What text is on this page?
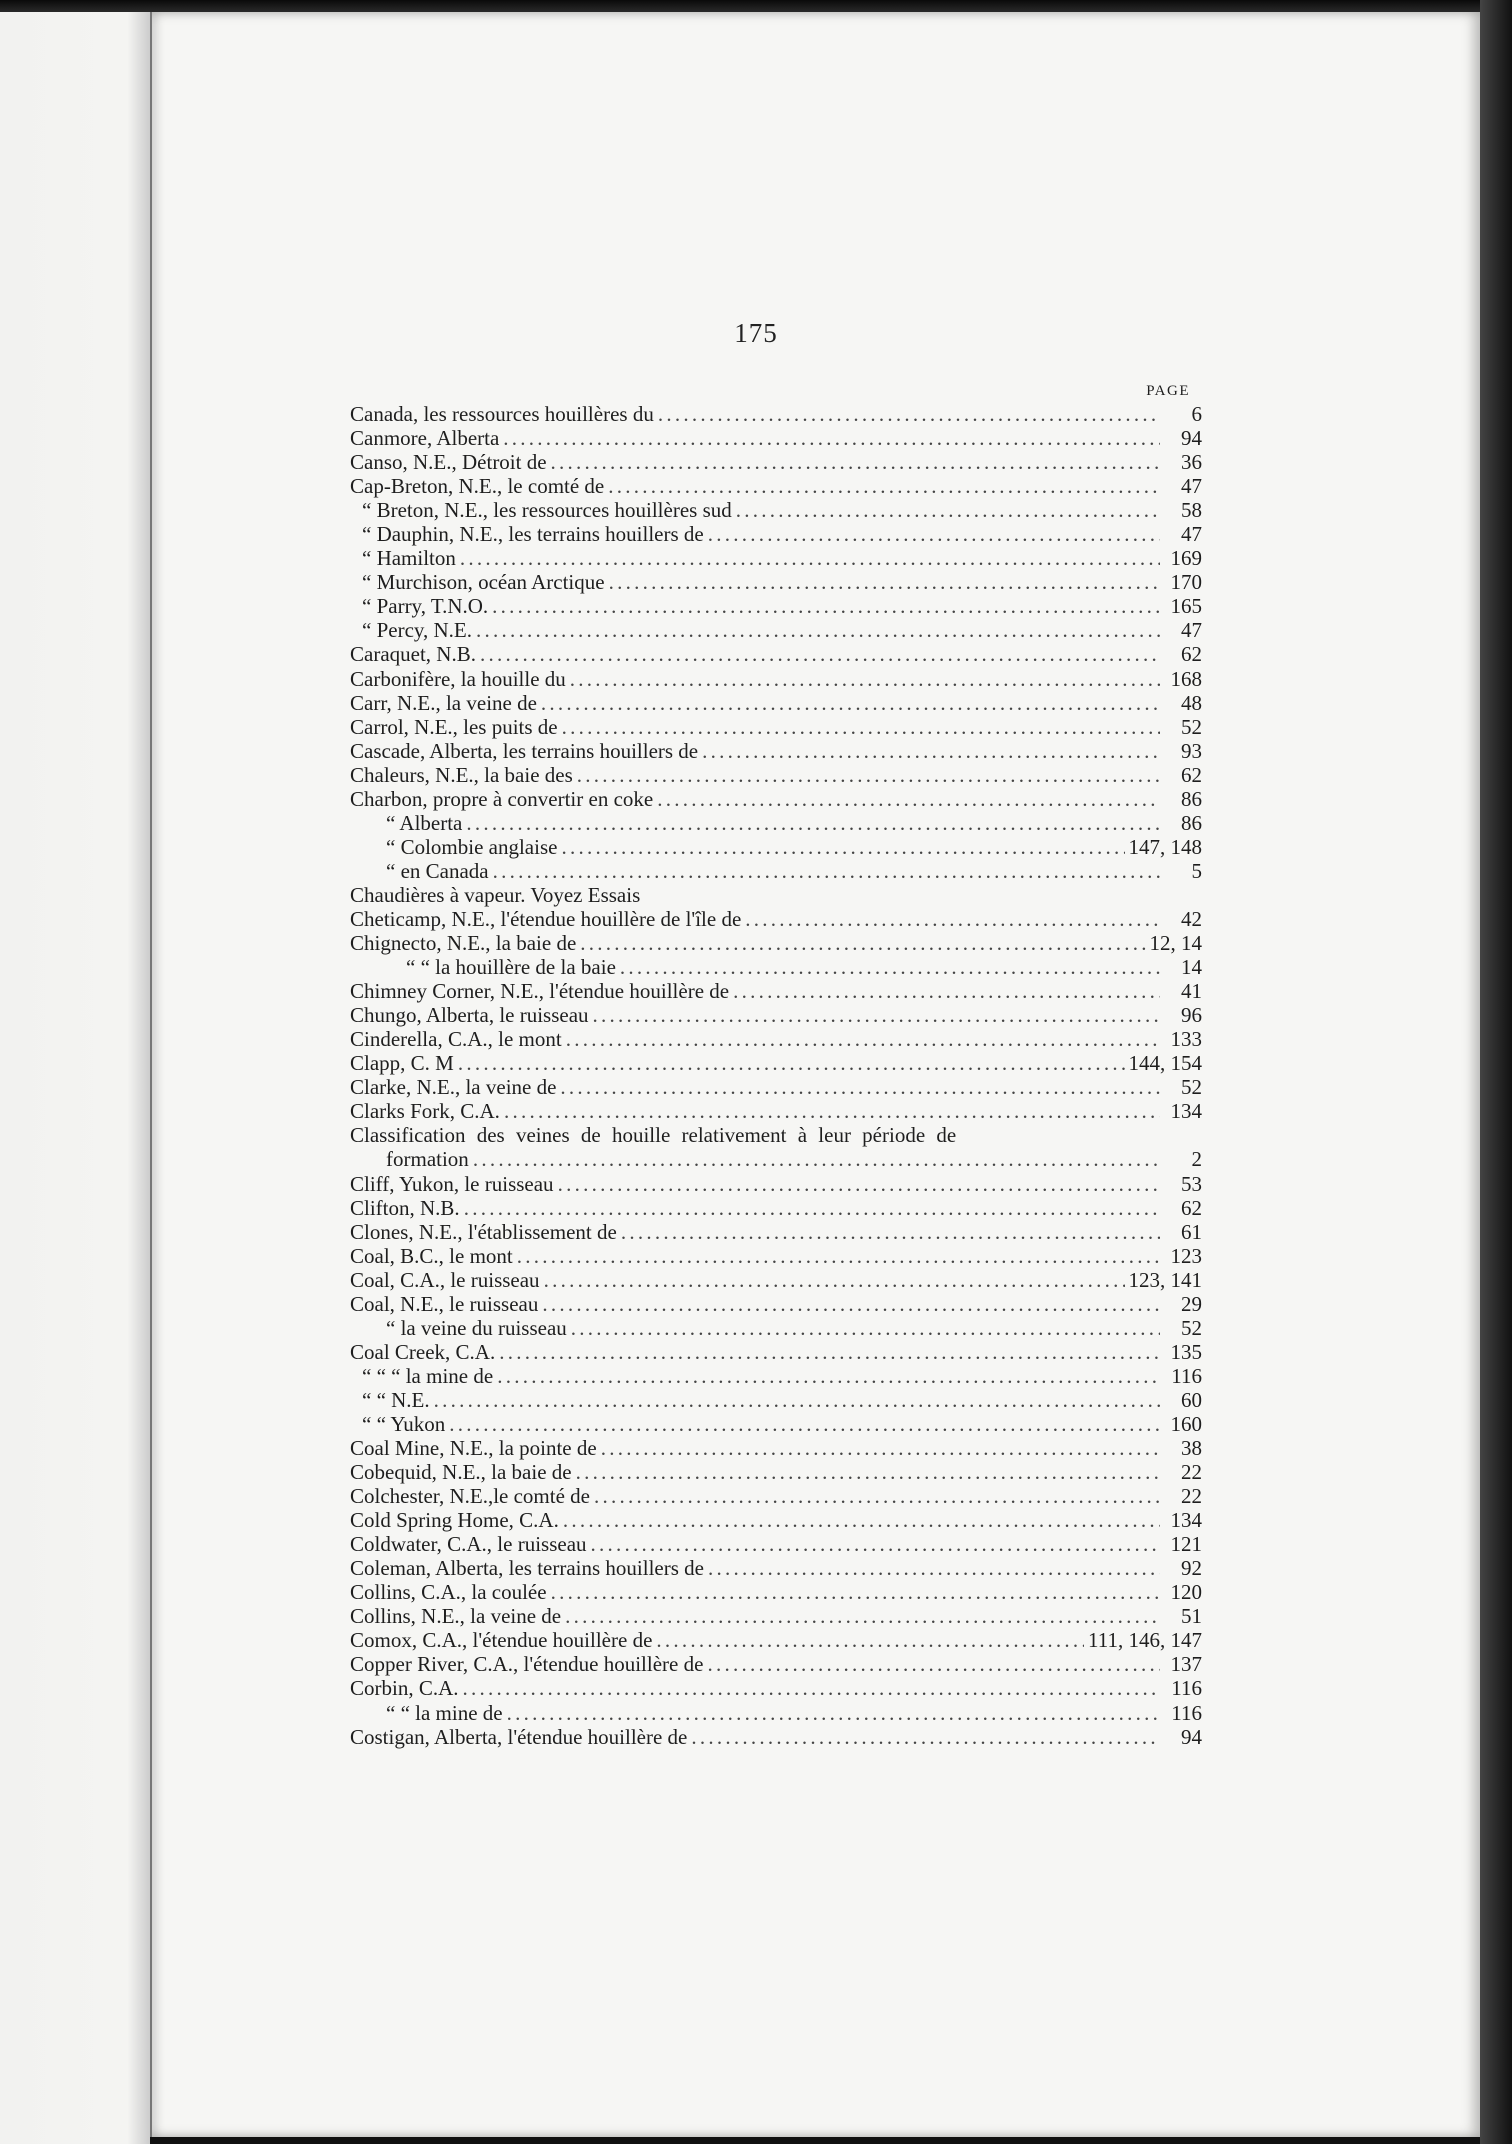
175
PAGE
Canada, les ressources houillères du . . .	6
Canmore, Alberta . . .	94
Canso, N.E., Détroit de . . .	36
Cap-Breton, N.E., le comté de . . .	47
“ Breton, N.E., les ressources houillères sud . . .	58
“ Dauphin, N.E., les terrains houillers de . . .	47
“ Hamilton . . .	169
“ Murchison, océan Arctique . . .	170
“ Parry, T.N.O. . . .	165
“ Percy, N.E. . . .	47
Caraquet, N.B. . . .	62
Carbonifère, la houille du . . .	168
Carr, N.E., la veine de . . .	48
Carrol, N.E., les puits de . . .	52
Cascade, Alberta, les terrains houillers de . . .	93
Chaleurs, N.E., la baie des . . .	62
Charbon, propre à convertir en coke . . .	86
“ Alberta . . .	86
“ Colombie anglaise . . .	147, 148
“ en Canada . . .	5
Chaudières à vapeur. Voyez Essais
Cheticamp, N.E., l'étendue houillère de l'île de . . .	42
Chignecto, N.E., la baie de . . .	12, 14
“ “ la houillère de la baie . . .	14
Chimney Corner, N.E., l'étendue houillère de . . .	41
Chungo, Alberta, le ruisseau . . .	96
Cinderella, C.A., le mont . . .	133
Clapp, C. M . . .	144, 154
Clarke, N.E., la veine de . . .	52
Clarks Fork, C.A. . . .	134
Classification des veines de houille relativement à leur période de
formation . . .	2
Cliff, Yukon, le ruisseau . . .	53
Clifton, N.B. . . .	62
Clones, N.E., l'établissement de . . .	61
Coal, B.C., le mont . . .	123
Coal, C.A., le ruisseau . . .	123, 141
Coal, N.E., le ruisseau . . .	29
“ la veine du ruisseau . . .	52
Coal Creek, C.A. . . .	135
“ “ “ la mine de . . .	116
“ “ N.E. . . .	60
“ “ Yukon . . .	160
Coal Mine, N.E., la pointe de . . .	38
Cobequid, N.E., la baie de . . .	22
Colchester, N.E.,le comté de . . .	22
Cold Spring Home, C.A. . . .	134
Coldwater, C.A., le ruisseau . . .	121
Coleman, Alberta, les terrains houillers de . . .	92
Collins, C.A., la coulée . . .	120
Collins, N.E., la veine de . . .	51
Comox, C.A., l'étendue houillère de . . .	111, 146, 147
Copper River, C.A., l'étendue houillère de . . .	137
Corbin, C.A. . . .	116
“ “ la mine de . . .	116
Costigan, Alberta, l'étendue houillère de . . .	94
